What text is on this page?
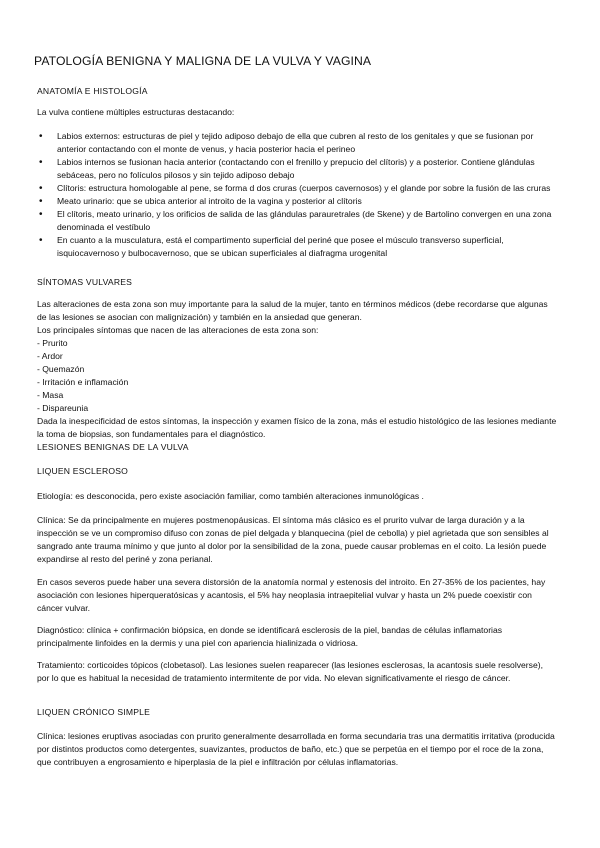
PATOLOGÍA BENIGNA Y MALIGNA DE LA VULVA Y VAGINA
ANATOMÍA E HISTOLOGÍA
La vulva contiene múltiples estructuras destacando:
• Labios externos: estructuras de piel y tejido adiposo debajo de ella que cubren al resto de los genitales y que se fusionan por anterior contactando con el monte de venus, y hacia posterior hacia el perineo
• Labios internos se fusionan hacia anterior (contactando con el frenillo y prepucio del clítoris) y a posterior. Contiene glándulas sebáceas, pero no folículos pilosos y sin tejido adiposo debajo
• Clítoris: estructura homologable al pene, se forma d dos cruras (cuerpos cavernosos) y el glande por sobre la fusión de las cruras
• Meato urinario: que se ubica anterior al introito de la vagina y posterior al clítoris
• El clítoris, meato urinario, y los orificios de salida de las glándulas parauretrales (de Skene) y de Bartolino convergen en una zona denominada el vestíbulo
• En cuanto a la musculatura, está el compartimento superficial del periné que posee el músculo transverso superficial, isquiocavernoso y bulbocavernoso, que se ubican superficiales al diafragma urogenital
SÍNTOMAS VULVARES
Las alteraciones de esta zona son muy importante para la salud de la mujer, tanto en términos médicos (debe recordarse que algunas de las lesiones se asocian con malignización) y también en la ansiedad que generan.
Los principales síntomas que nacen de las alteraciones de esta zona son:
- Prurito
- Ardor
- Quemazón
- Irritación e inflamación
- Masa
- Dispareunia
Dada la inespecificidad de estos síntomas, la inspección y examen físico de la zona, más el estudio histológico de las lesiones mediante la toma de biopsias, son fundamentales para el diagnóstico.
LESIONES BENIGNAS DE LA VULVA
LIQUEN ESCLEROSO
Etiología: es desconocida, pero existe asociación familiar, como también alteraciones inmunológicas .
Clínica: Se da principalmente en mujeres postmenopáusicas. El síntoma más clásico es el prurito vulvar de larga duración y a la inspección se ve un compromiso difuso con zonas de piel delgada y blanquecina (piel de cebolla) y piel agrietada que son sensibles al sangrado ante trauma mínimo y que junto al dolor por la sensibilidad de la zona, puede causar problemas en el coito. La lesión puede expandirse al resto del periné y zona perianal.
En casos severos puede haber una severa distorsión de la anatomía normal y estenosis del introito. En 27-35% de los pacientes, hay asociación con lesiones hiperqueratósicas y acantosis, el 5% hay neoplasia intraepitelial vulvar y hasta un 2% puede coexistir con cáncer vulvar.
Diagnóstico: clínica + confirmación biópsica, en donde se identificará esclerosis de la piel, bandas de células inflamatorias principalmente linfoides en la dermis y una piel con apariencia hialinizada o vidriosa.
Tratamiento: corticoides tópicos (clobetasol). Las lesiones suelen reaparecer (las lesiones esclerosas, la acantosis suele resolverse), por lo que es habitual la necesidad de tratamiento intermitente de por vida. No elevan significativamente el riesgo de cáncer.
LIQUEN CRÓNICO SIMPLE
Clínica: lesiones eruptivas asociadas con prurito generalmente desarrollada en forma secundaria tras una dermatitis irritativa (producida por distintos productos como detergentes, suavizantes, productos de baño, etc.) que se perpetúa en el tiempo por el roce de la zona, que contribuyen a engrosamiento e hiperplasia de la piel e infiltración por células inflamatorias.
